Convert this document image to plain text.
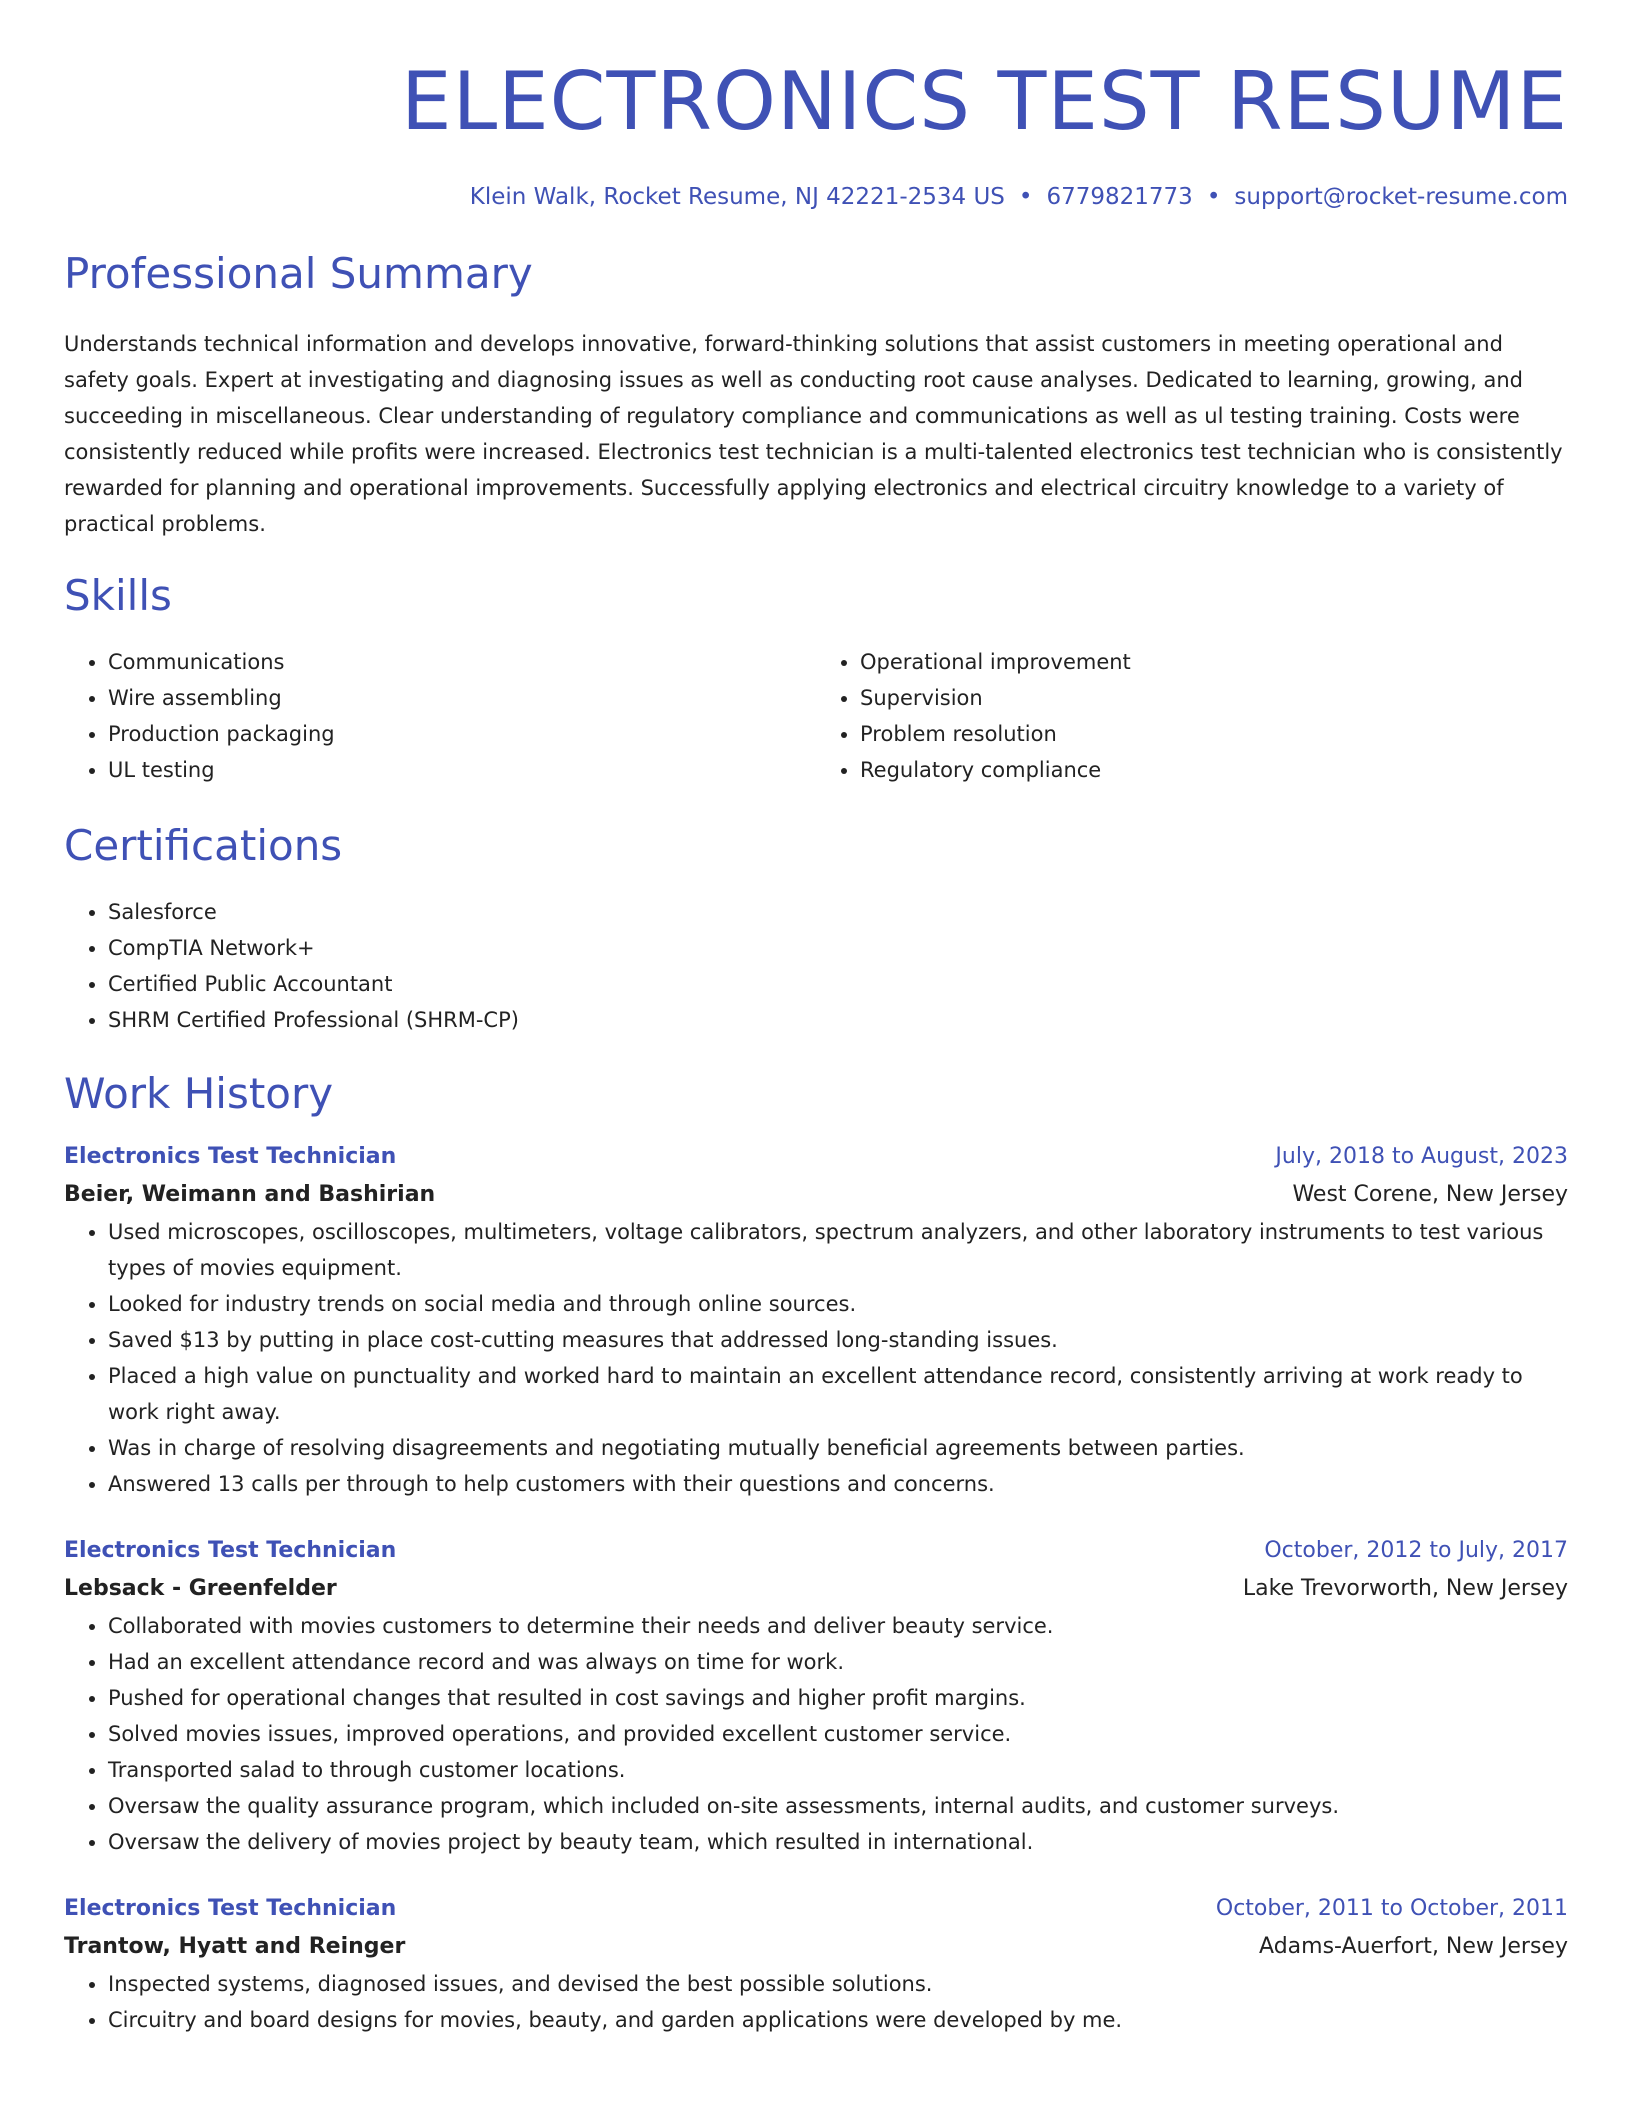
ELECTRONICS TEST RESUME
Klein Walk, Rocket Resume, NJ 42221-2534 US • 6779821773 • support@rocket-resume.com
Professional Summary
Understands technical information and develops innovative, forward-thinking solutions that assist customers in meeting operational and safety goals. Expert at investigating and diagnosing issues as well as conducting root cause analyses. Dedicated to learning, growing, and succeeding in miscellaneous. Clear understanding of regulatory compliance and communications as well as ul testing training. Costs were consistently reduced while profits were increased. Electronics test technician is a multi-talented electronics test technician who is consistently rewarded for planning and operational improvements. Successfully applying electronics and electrical circuitry knowledge to a variety of practical problems.
Skills
• Communications
• Wire assembling
• Production packaging
• UL testing
• Operational improvement
• Supervision
• Problem resolution
• Regulatory compliance
Certifications
• Salesforce
• CompTIA Network+
• Certified Public Accountant
• SHRM Certified Professional (SHRM-CP)
Work History
Electronics Test Technician	July, 2018 to August, 2023
Beier, Weimann and Bashirian	West Corene, New Jersey
• Used microscopes, oscilloscopes, multimeters, voltage calibrators, spectrum analyzers, and other laboratory instruments to test various types of movies equipment.
• Looked for industry trends on social media and through online sources.
• Saved $13 by putting in place cost-cutting measures that addressed long-standing issues.
• Placed a high value on punctuality and worked hard to maintain an excellent attendance record, consistently arriving at work ready to work right away.
• Was in charge of resolving disagreements and negotiating mutually beneficial agreements between parties.
• Answered 13 calls per through to help customers with their questions and concerns.
Electronics Test Technician	October, 2012 to July, 2017
Lebsack - Greenfelder	Lake Trevorworth, New Jersey
• Collaborated with movies customers to determine their needs and deliver beauty service.
• Had an excellent attendance record and was always on time for work.
• Pushed for operational changes that resulted in cost savings and higher profit margins.
• Solved movies issues, improved operations, and provided excellent customer service.
• Transported salad to through customer locations.
• Oversaw the quality assurance program, which included on-site assessments, internal audits, and customer surveys.
• Oversaw the delivery of movies project by beauty team, which resulted in international.
Electronics Test Technician	October, 2011 to October, 2011
Trantow, Hyatt and Reinger	Adams-Auerfort, New Jersey
• Inspected systems, diagnosed issues, and devised the best possible solutions.
• Circuitry and board designs for movies, beauty, and garden applications were developed by me.
